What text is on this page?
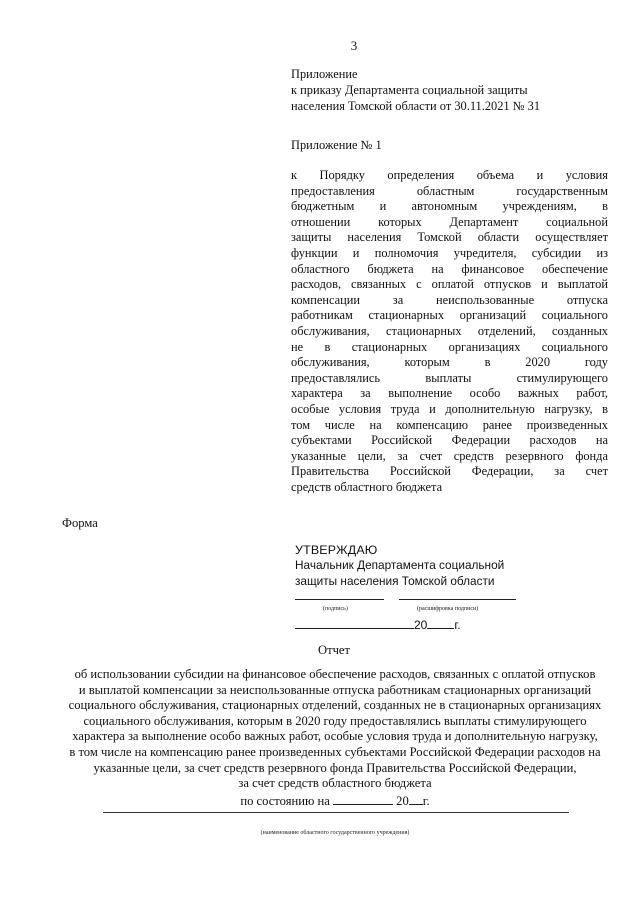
3
Приложение
к приказу Департамента социальной защиты
населения Томской области от 30.11.2021 № 31
Приложение № 1
к Порядку определения объема и условия
предоставления областным государственным
бюджетным и автономным учреждениям, в
отношении которых Департамент социальной
защиты населения Томской области осуществляет
функции и полномочия учредителя, субсидии из
областного бюджета на финансовое обеспечение
расходов, связанных с оплатой отпусков и выплатой
компенсации за неиспользованные отпуска
работникам стационарных организаций социального
обслуживания, стационарных отделений, созданных
не в стационарных организациях социального
обслуживания, которым в 2020 году
предоставлялись выплаты стимулирующего
характера за выполнение особо важных работ,
особые условия труда и дополнительную нагрузку, в
том числе на компенсацию ранее произведенных
субъектами Российской Федерации расходов на
указанные цели, за счет средств резервного фонда
Правительства Российской Федерации, за счет
средств областного бюджета
Форма
УТВЕРЖДАЮ
Начальник Департамента социальной
защиты населения Томской области
(подпись)	(расшифровка подписи)
20 г.
Отчет
об использовании субсидии на финансовое обеспечение расходов, связанных с оплатой отпусков
и выплатой компенсации за неиспользованные отпуска работникам стационарных организаций
социального обслуживания, стационарных отделений, созданных не в стационарных организациях
социального обслуживания, которым в 2020 году предоставлялись выплаты стимулирующего
характера за выполнение особо важных работ, особые условия труда и дополнительную нагрузку,
в том числе на компенсацию ранее произведенных субъектами Российской Федерации расходов на
указанные цели, за счет средств резервного фонда Правительства Российской Федерации,
за счет средств областного бюджета
по состоянию на	20 г.
(наименование областного государственного учреждения)
